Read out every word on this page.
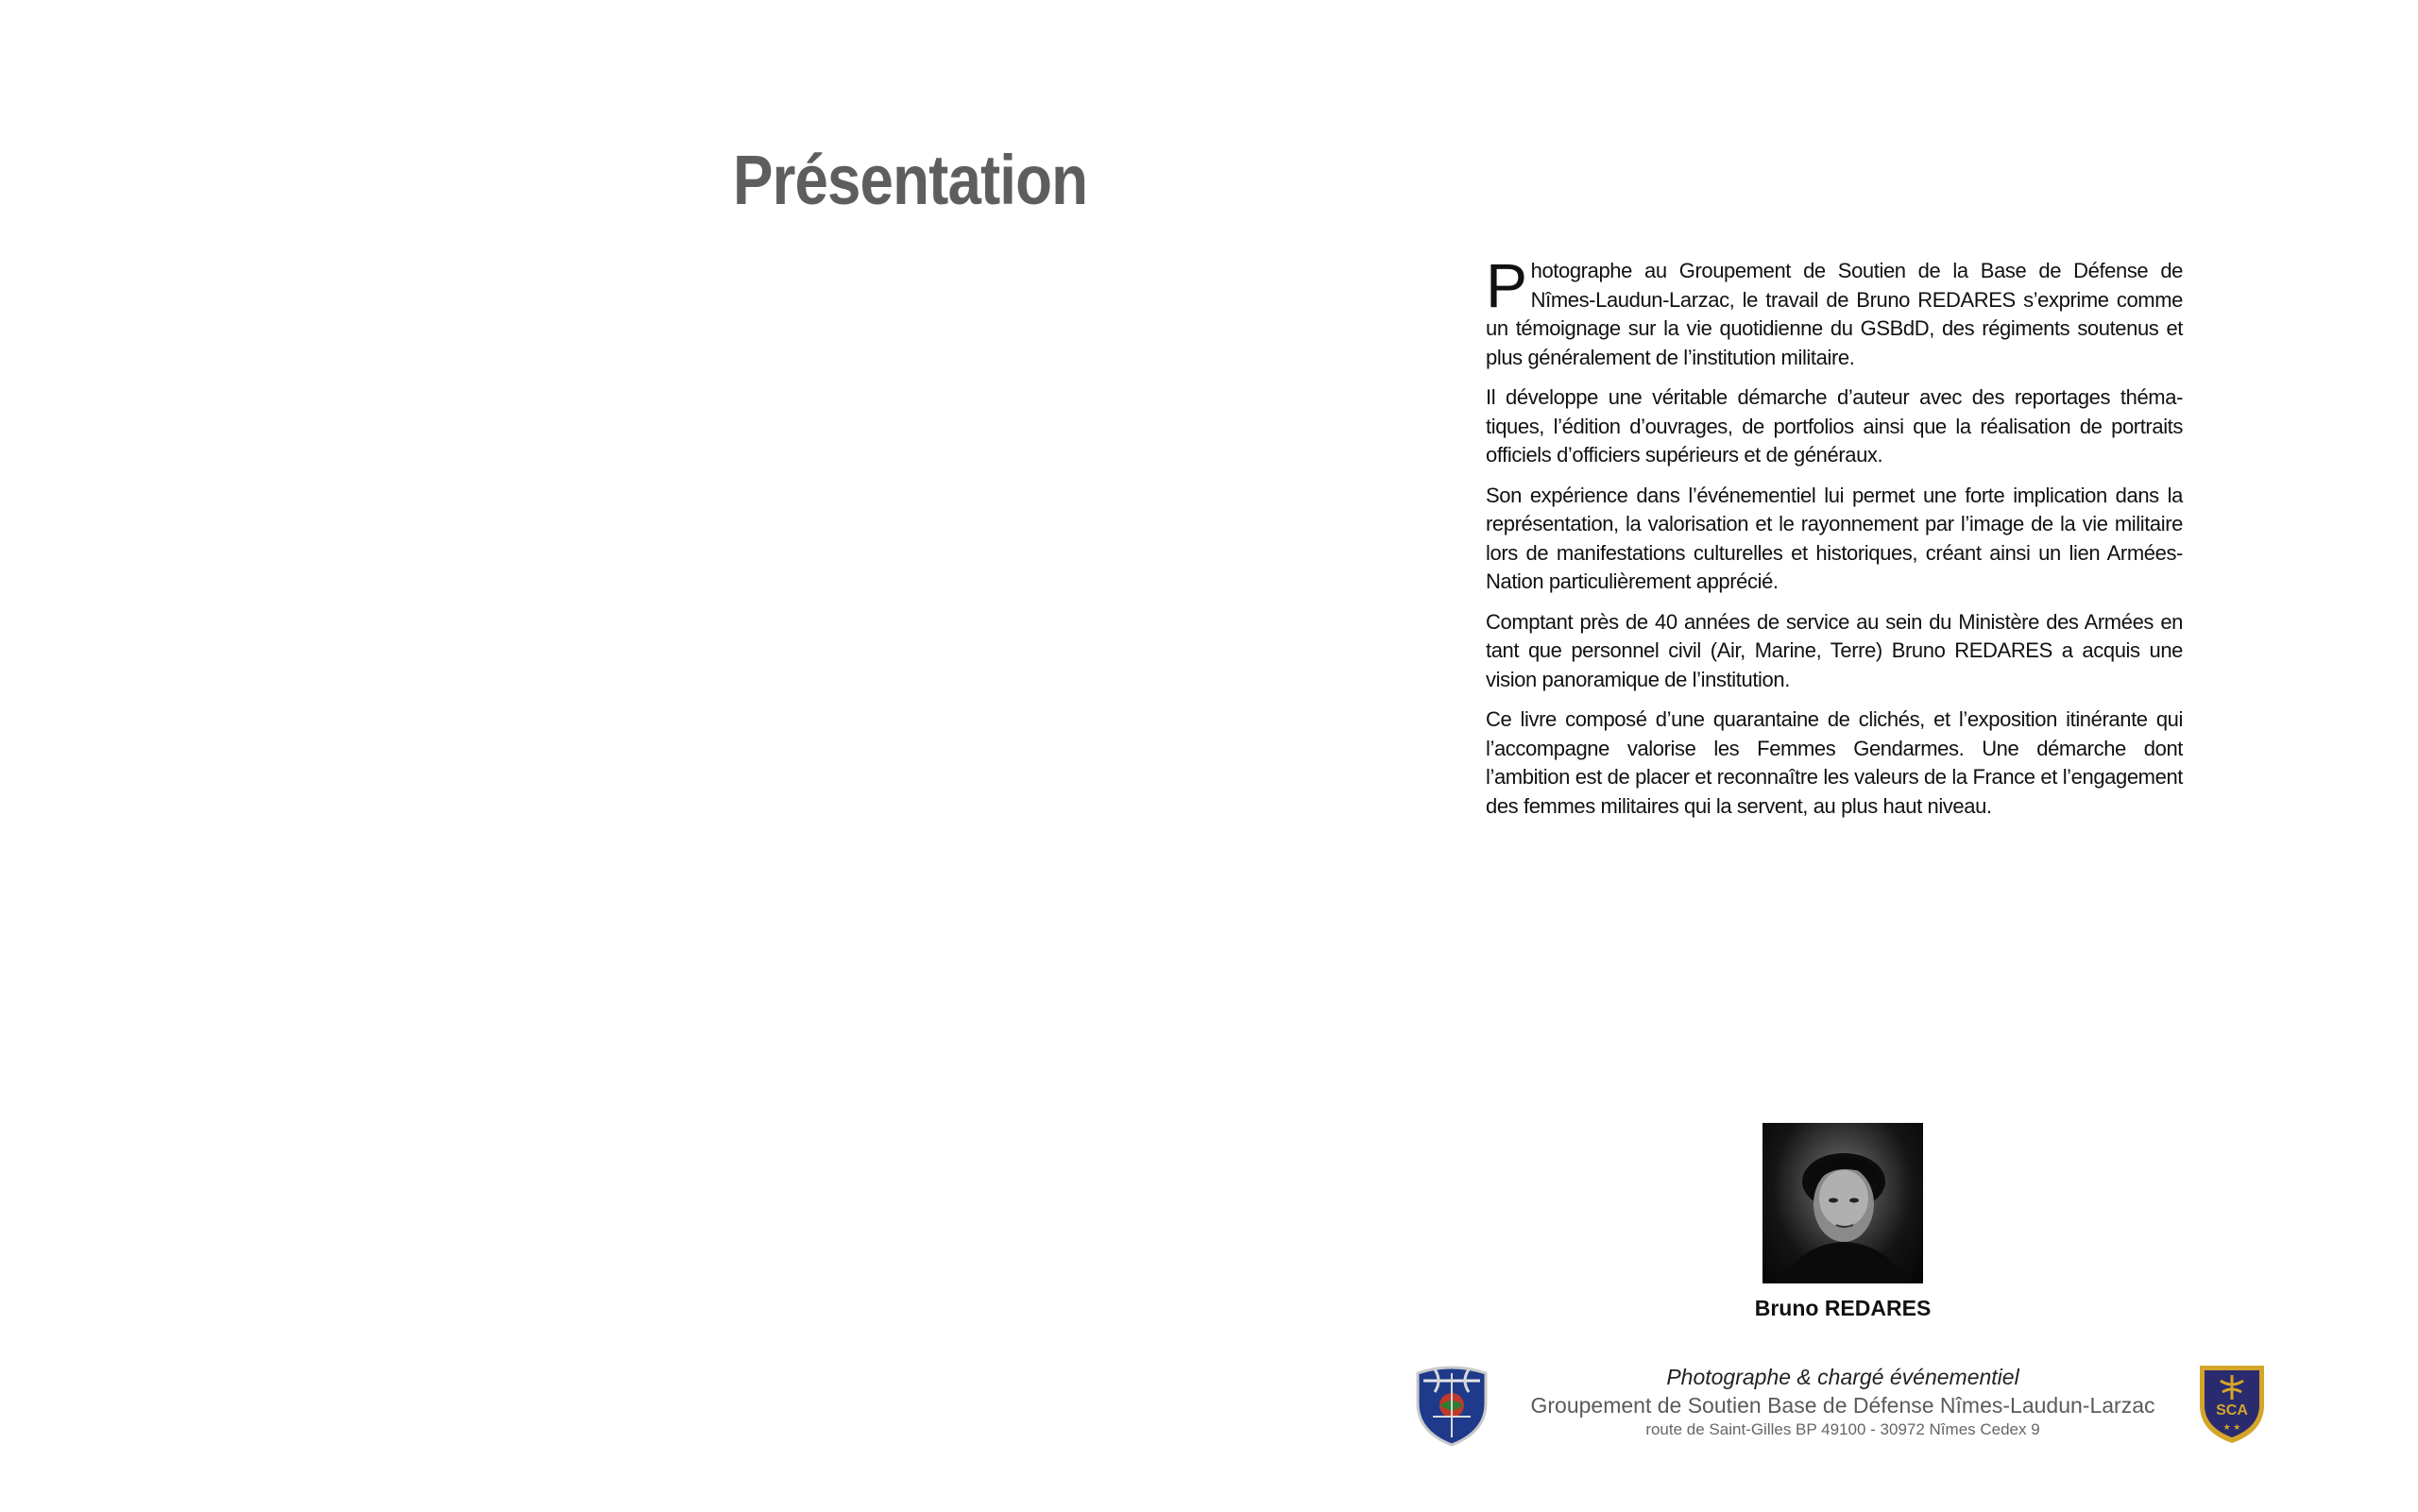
Présentation

Photographe au Groupement de Soutien de la Base de Défense de Nîmes-Laudun-Larzac, le travail de Bruno REDARES s’exprime comme un témoignage sur la vie quotidienne du GSBdD, des régiments soutenus et plus généralement de l’institution militaire.

Il développe une véritable démarche d’auteur avec des reportages théma-tiques, l’édition d’ouvrages, de portfolios ainsi que la réalisation de portraits officiels d’officiers supérieurs et de généraux.

Son expérience dans l’événementiel lui permet une forte implication dans la représentation, la valorisation et le rayonnement par l’image de la vie militaire lors de manifestations culturelles et historiques, créant ainsi un lien Armées-Nation particulièrement apprécié.

Comptant près de 40 années de service au sein du Ministère des Armées en tant que personnel civil (Air, Marine, Terre) Bruno REDARES a acquis une vision panoramique de l’institution.

Ce livre composé d’une quarantaine de clichés, et l’exposition itinérante qui l’accompagne valorise les Femmes Gendarmes. Une démarche dont l’ambition est de placer et reconnaître les valeurs de la France et l’engagement des femmes militaires qui la servent, au plus haut niveau.

Bruno REDARES
Photographe & chargé événementiel
Groupement de Soutien Base de Défense Nîmes-Laudun-Larzac
route de Saint-Gilles BP 49100 - 30972 Nîmes Cedex 9
SCA
★ ★
